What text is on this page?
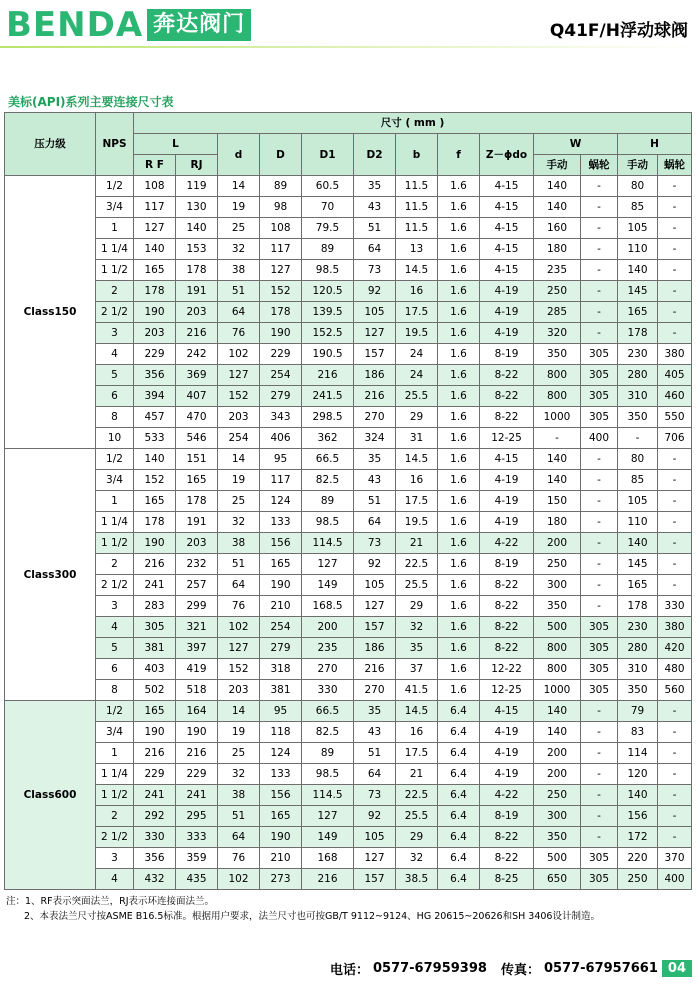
BENDA 奔达阀门	Q41F/H浮动球阀
美标(API)系列主要连接尺寸表
压力级	NPS	尺寸 ( mm )												
		L		d	D	D1	D2	b	f	Z－ϕdo	W		H	
		R F	RJ								手动	蜗轮	手动	蜗轮
Class150	1/2	108	119	14	89	60.5	35	11.5	1.6	4-15	140	-	80	-
	3/4	117	130	19	98	70	43	11.5	1.6	4-15	140	-	85	-
	1	127	140	25	108	79.5	51	11.5	1.6	4-15	160	-	105	-
	1 1/4	140	153	32	117	89	64	13	1.6	4-15	180	-	110	-
	1 1/2	165	178	38	127	98.5	73	14.5	1.6	4-15	235	-	140	-
	2	178	191	51	152	120.5	92	16	1.6	4-19	250	-	145	-
	2 1/2	190	203	64	178	139.5	105	17.5	1.6	4-19	285	-	165	-
	3	203	216	76	190	152.5	127	19.5	1.6	4-19	320	-	178	-
	4	229	242	102	229	190.5	157	24	1.6	8-19	350	305	230	380
	5	356	369	127	254	216	186	24	1.6	8-22	800	305	280	405
	6	394	407	152	279	241.5	216	25.5	1.6	8-22	800	305	310	460
	8	457	470	203	343	298.5	270	29	1.6	8-22	1000	305	350	550
	10	533	546	254	406	362	324	31	1.6	12-25	-	400	-	706
Class300	1/2	140	151	14	95	66.5	35	14.5	1.6	4-15	140	-	80	-
	3/4	152	165	19	117	82.5	43	16	1.6	4-19	140	-	85	-
	1	165	178	25	124	89	51	17.5	1.6	4-19	150	-	105	-
	1 1/4	178	191	32	133	98.5	64	19.5	1.6	4-19	180	-	110	-
	1 1/2	190	203	38	156	114.5	73	21	1.6	4-22	200	-	140	-
	2	216	232	51	165	127	92	22.5	1.6	8-19	250	-	145	-
	2 1/2	241	257	64	190	149	105	25.5	1.6	8-22	300	-	165	-
	3	283	299	76	210	168.5	127	29	1.6	8-22	350	-	178	330
	4	305	321	102	254	200	157	32	1.6	8-22	500	305	230	380
	5	381	397	127	279	235	186	35	1.6	8-22	800	305	280	420
	6	403	419	152	318	270	216	37	1.6	12-22	800	305	310	480
	8	502	518	203	381	330	270	41.5	1.6	12-25	1000	305	350	560
Class600	1/2	165	164	14	95	66.5	35	14.5	6.4	4-15	140	-	79	-
	3/4	190	190	19	118	82.5	43	16	6.4	4-19	140	-	83	-
	1	216	216	25	124	89	51	17.5	6.4	4-19	200	-	114	-
	1 1/4	229	229	32	133	98.5	64	21	6.4	4-19	200	-	120	-
	1 1/2	241	241	38	156	114.5	73	22.5	6.4	4-22	250	-	140	-
	2	292	295	51	165	127	92	25.5	6.4	8-19	300	-	156	-
	2 1/2	330	333	64	190	149	105	29	6.4	8-22	350	-	172	-
	3	356	359	76	210	168	127	32	6.4	8-22	500	305	220	370
	4	432	435	102	273	216	157	38.5	6.4	8-25	650	305	250	400
注：1、RF表示突面法兰，RJ表示环连接面法兰。
2、本表法兰尺寸按ASME B16.5标准。根据用户要求，法兰尺寸也可按GB/T 9112~9124、HG 20615~20626和SH 3406设计制造。
电话： 0577-67959398 传真： 0577-67957661 04
